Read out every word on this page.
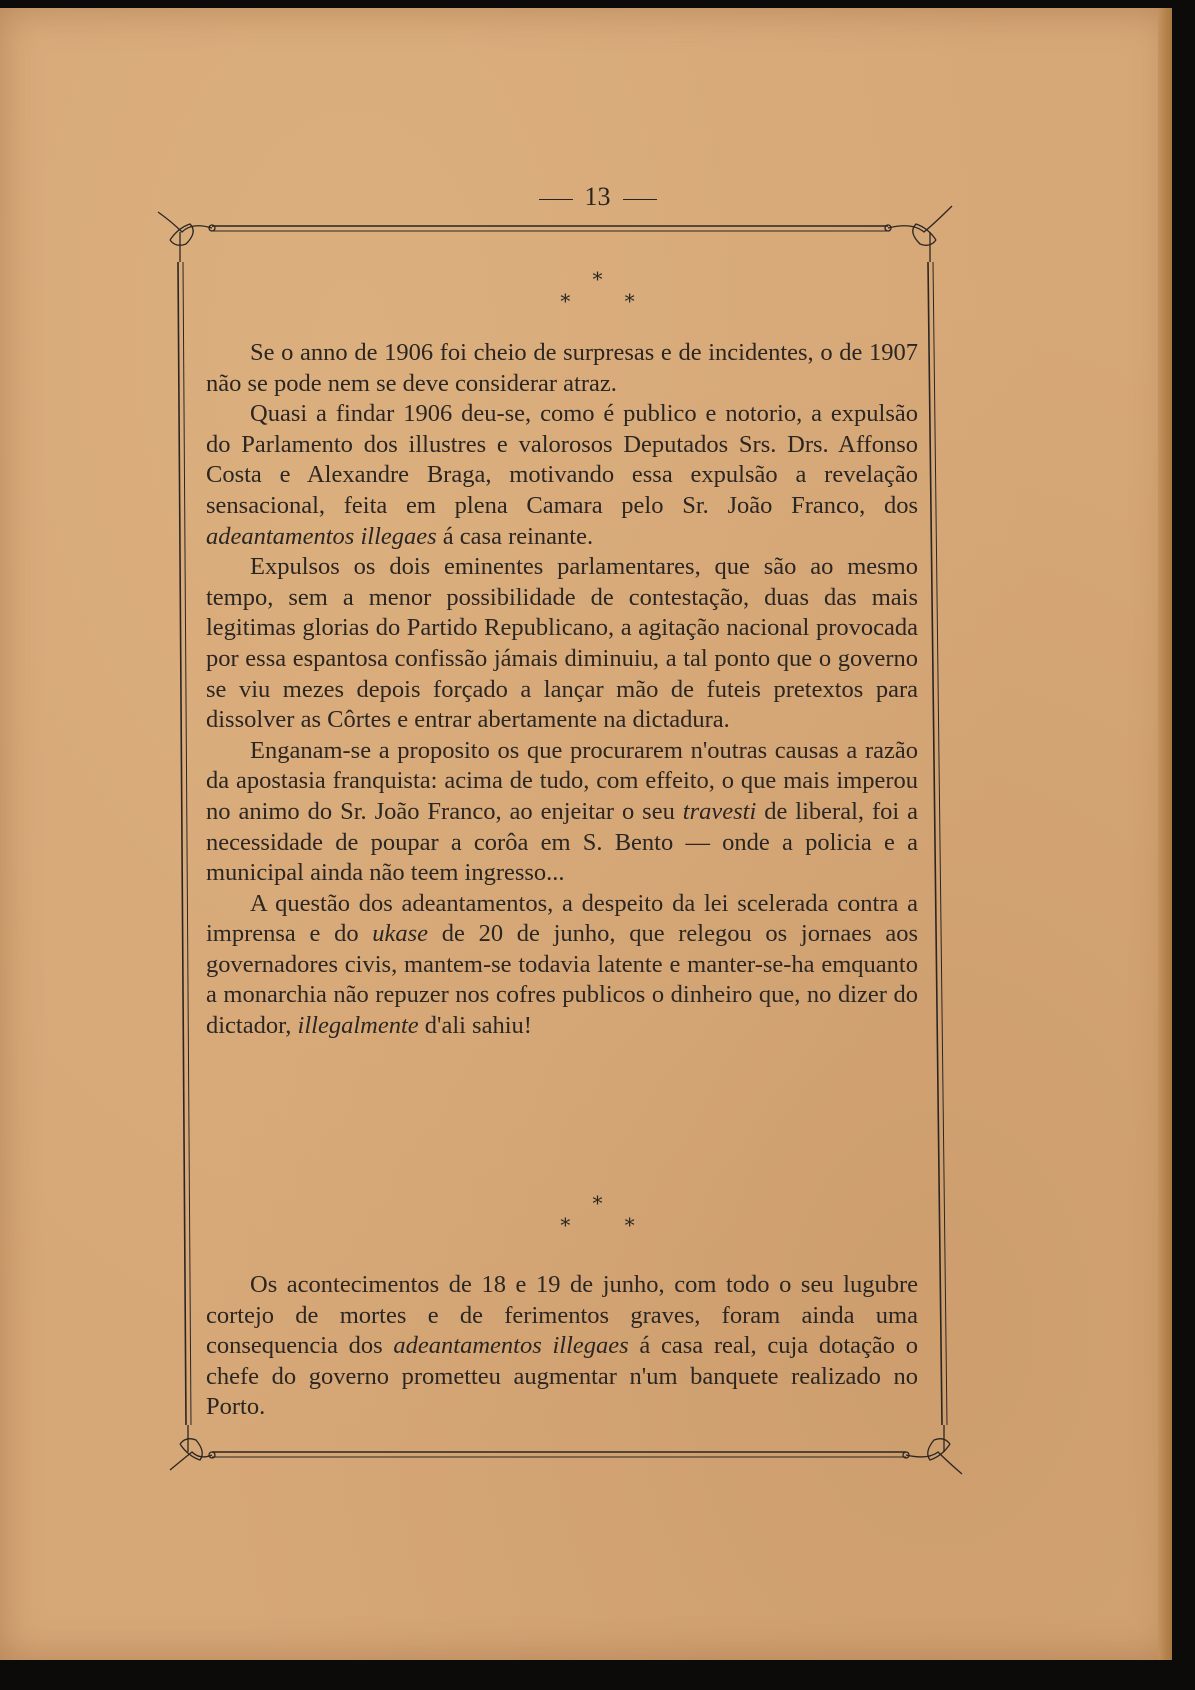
13
*
* *

Se o anno de 1906 foi cheio de surpresas e de incidentes, o de 1907 não se pode nem se deve considerar atraz.

Quasi a findar 1906 deu-se, como é publico e notorio, a expulsão do Parlamento dos illustres e valorosos Deputados Srs. Drs. Affonso Costa e Alexandre Braga, motivando essa expulsão a revelação sensacional, feita em plena Camara pelo Sr. João Franco, dos adeantamentos illegaes á casa reinante.

Expulsos os dois eminentes parlamentares, que são ao mesmo tempo, sem a menor possibilidade de contestação, duas das mais legitimas glorias do Partido Republicano, a agitação nacional provocada por essa espantosa confissão jámais diminuiu, a tal ponto que o governo se viu mezes depois forçado a lançar mão de futeis pretextos para dissolver as Côrtes e entrar abertamente na dictadura.

Enganam-se a proposito os que procurarem n'outras causas a razão da apostasia franquista: acima de tudo, com effeito, o que mais imperou no animo do Sr. João Franco, ao enjeitar o seu travesti de liberal, foi a necessidade de poupar a corôa em S. Bento — onde a policia e a municipal ainda não teem ingresso...

A questão dos adeantamentos, a despeito da lei scelerada contra a imprensa e do ukase de 20 de junho, que relegou os jornaes aos governadores civis, mantem-se todavia latente e manter-se-ha emquanto a monarchia não repuzer nos cofres publicos o dinheiro que, no dizer do dictador, illegalmente d'ali sahiu!

*
* *

Os acontecimentos de 18 e 19 de junho, com todo o seu lugubre cortejo de mortes e de ferimentos graves, foram ainda uma consequencia dos adeantamentos illegaes á casa real, cuja dotação o chefe do governo prometteu augmentar n'um banquete realizado no Porto.
